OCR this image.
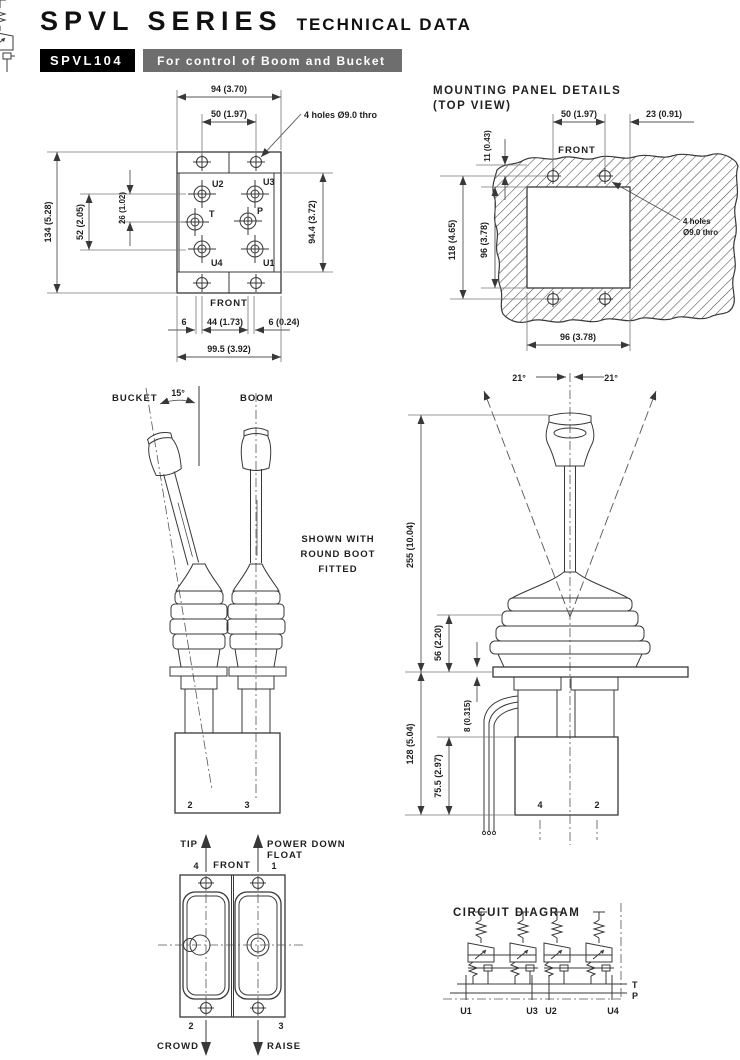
SPVL SERIES TECHNICAL DATA
SPVL104	For control of Boom and Bucket
U2	U3
T	P
U4	U1
FRONT
94 (3.70)
50 (1.97)	4 holes Ø9.0 thro
134 (5.28) 52 (2.05)	26 (1.02)	94.4 (3.72)
6 44 (1.73)	6 (0.24)
99.5 (3.92)
MOUNTING PANEL DETAILS
(TOP VIEW)
FRONT
50 (1.97)	23 (0.91)
11 (0.43)
118 (4.65) 96 (3.78)
96 (3.78)
4 holes
Ø9.0 thro
BUCKET 15°	BOOM
2	3
SHOWN WITH
ROUND BOOT
FITTED
21°	21°
4	2
255 (10.04)
56 (2.20)
8 (0.315)
128 (5.04)
75.5 (2.97)
TIP	POWER DOWN
FLOAT
4 FRONT 1
2	3
CROWD	RAISE
CIRCUIT DIAGRAM
T
P
U1	U3 U2	U4
